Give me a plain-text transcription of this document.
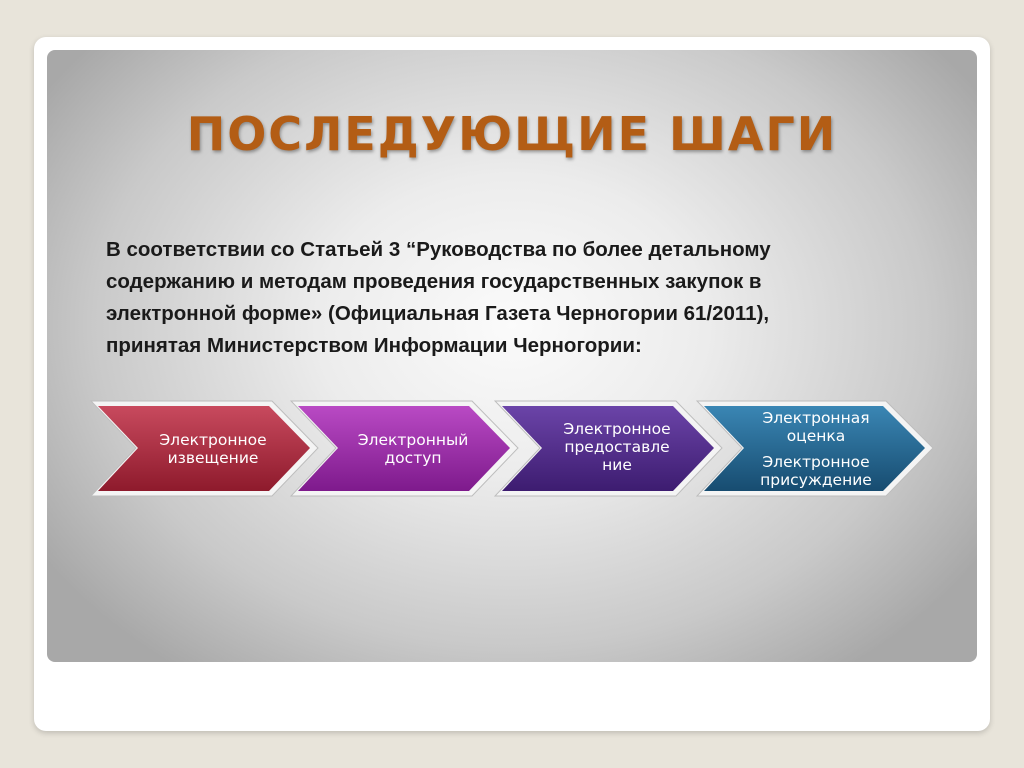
ПОСЛЕДУЮЩИЕ ШАГИ
В соответствии со Статьей 3 “Руководства по более детальному
содержанию и методам проведения государственных закупок в
электронной форме» (Официальная Газета Черногории 61/2011),
принятая Министерством Информации Черногории:
Электронное
извещение
Электронный
доступ
Электронное
предоставле
ние
Электронная
оценка
Электронное
присуждение
